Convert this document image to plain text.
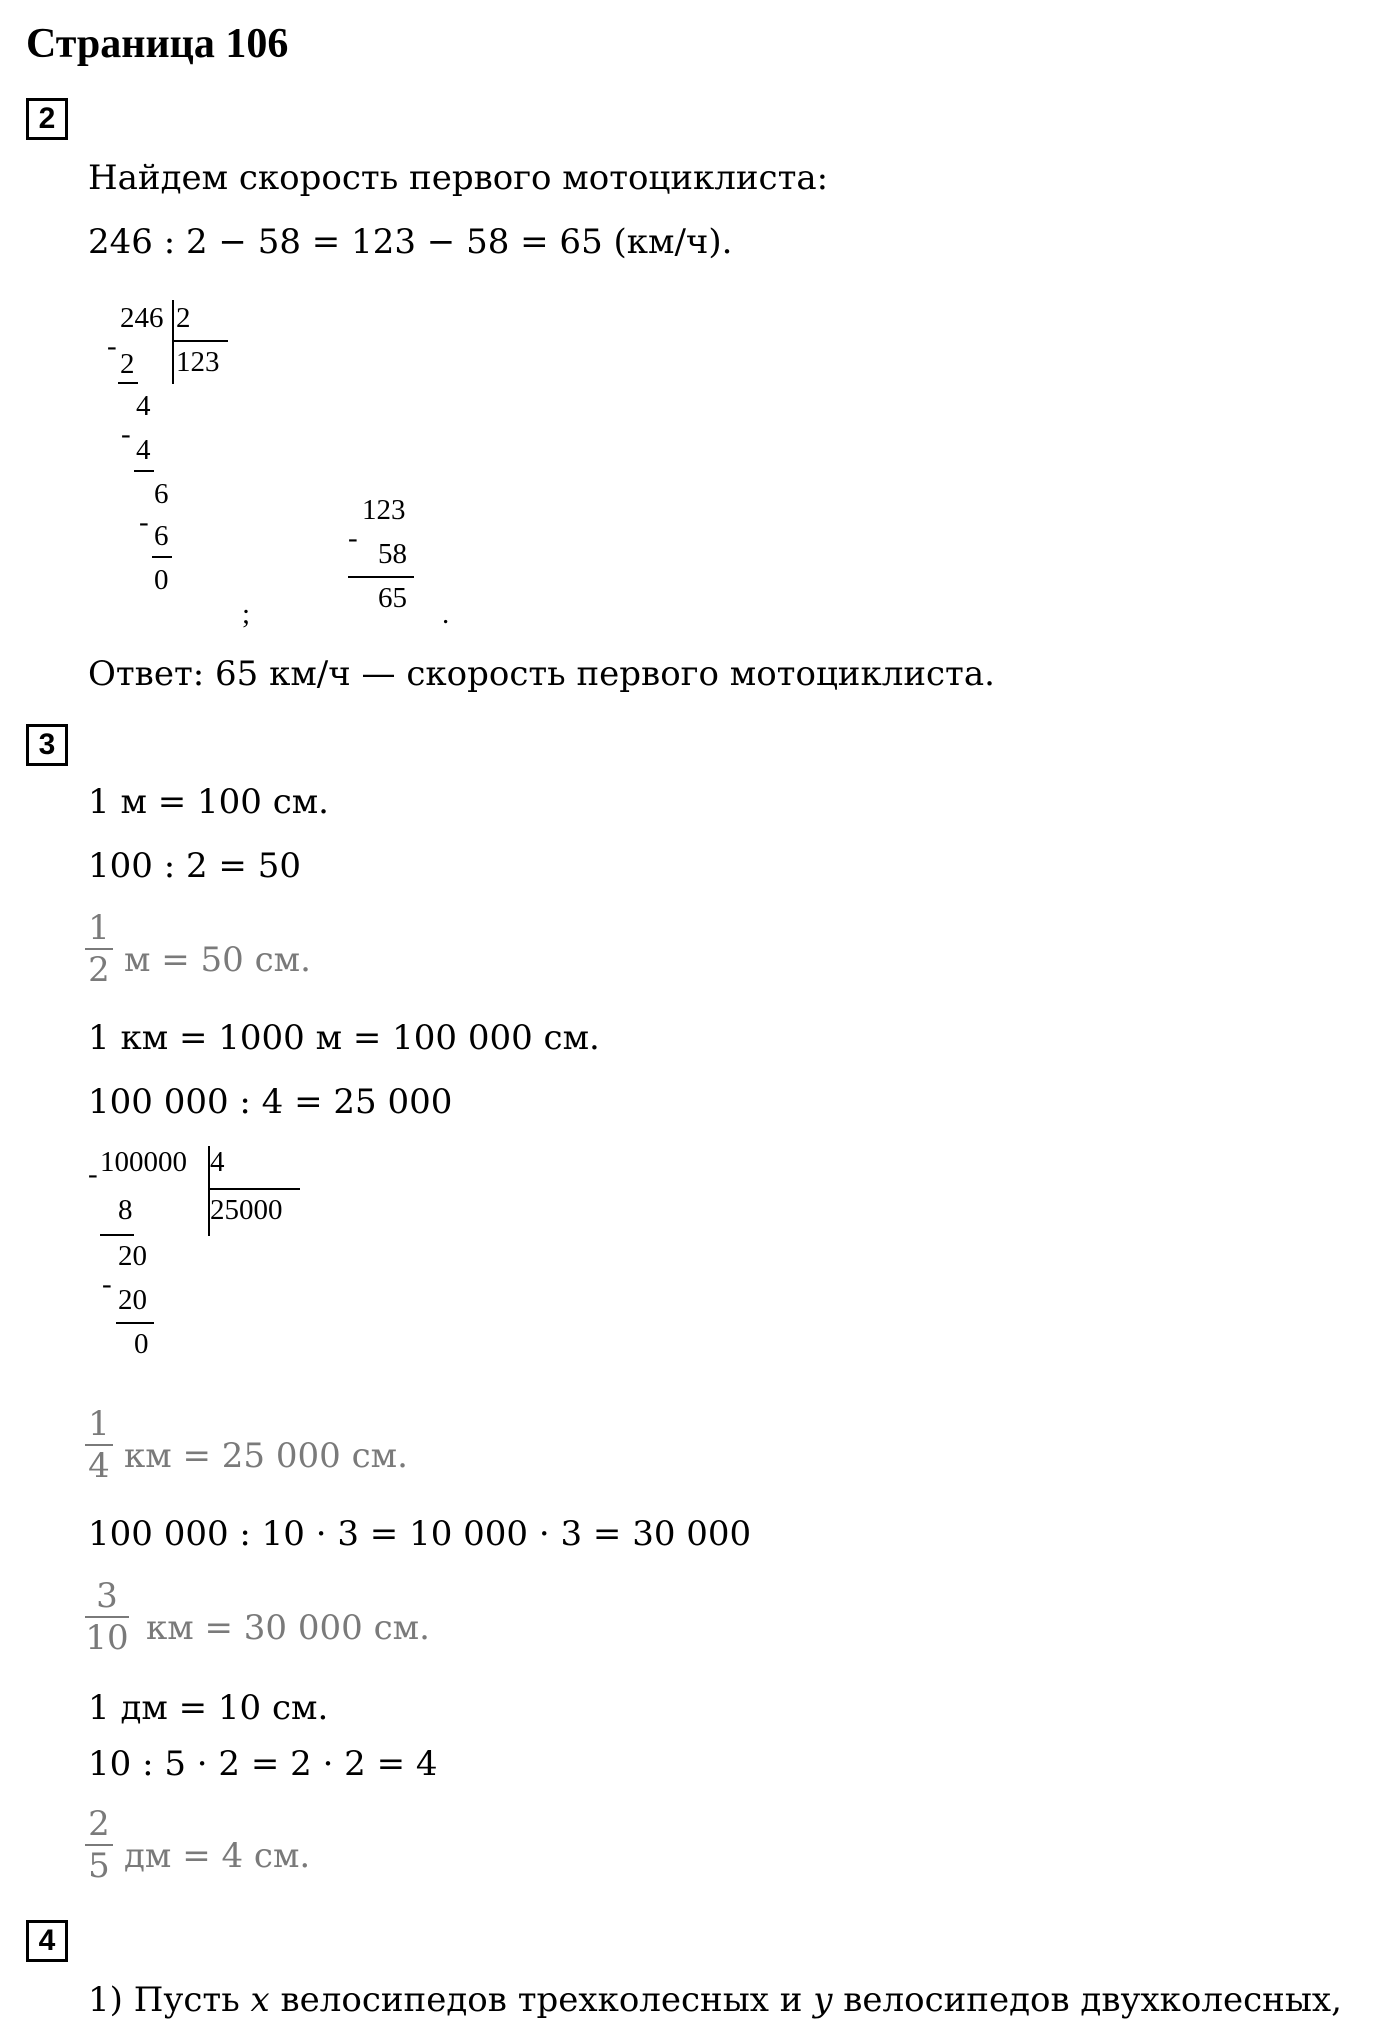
Страница 106
2
Найдем скорость первого мотоциклиста:
246 : 2 − 58 = 123 − 58 = 65 (км/ч).
246 2
123
-
2
4
- 4
6
- 6
0
;
123
- 58
65 .
Ответ: 65 км/ч — скорость первого мотоциклиста.
3
1 м = 100 см.
100 : 2 = 50
1
2 м = 50 см.
1 км = 1000 м = 100 000 см.
100 000 : 4 = 25 000
- 100000 4
25000
8
20
- 20
0
1
4 км = 25 000 см.
100 000 : 10 · 3 = 10 000 · 3 = 30 000
3
10 км = 30 000 см.
1 дм = 10 см.
10 : 5 · 2 = 2 · 2 = 4
2
5 дм = 4 см.
4
1) Пусть x велосипедов трехколесных и y велосипедов двухколесных,
